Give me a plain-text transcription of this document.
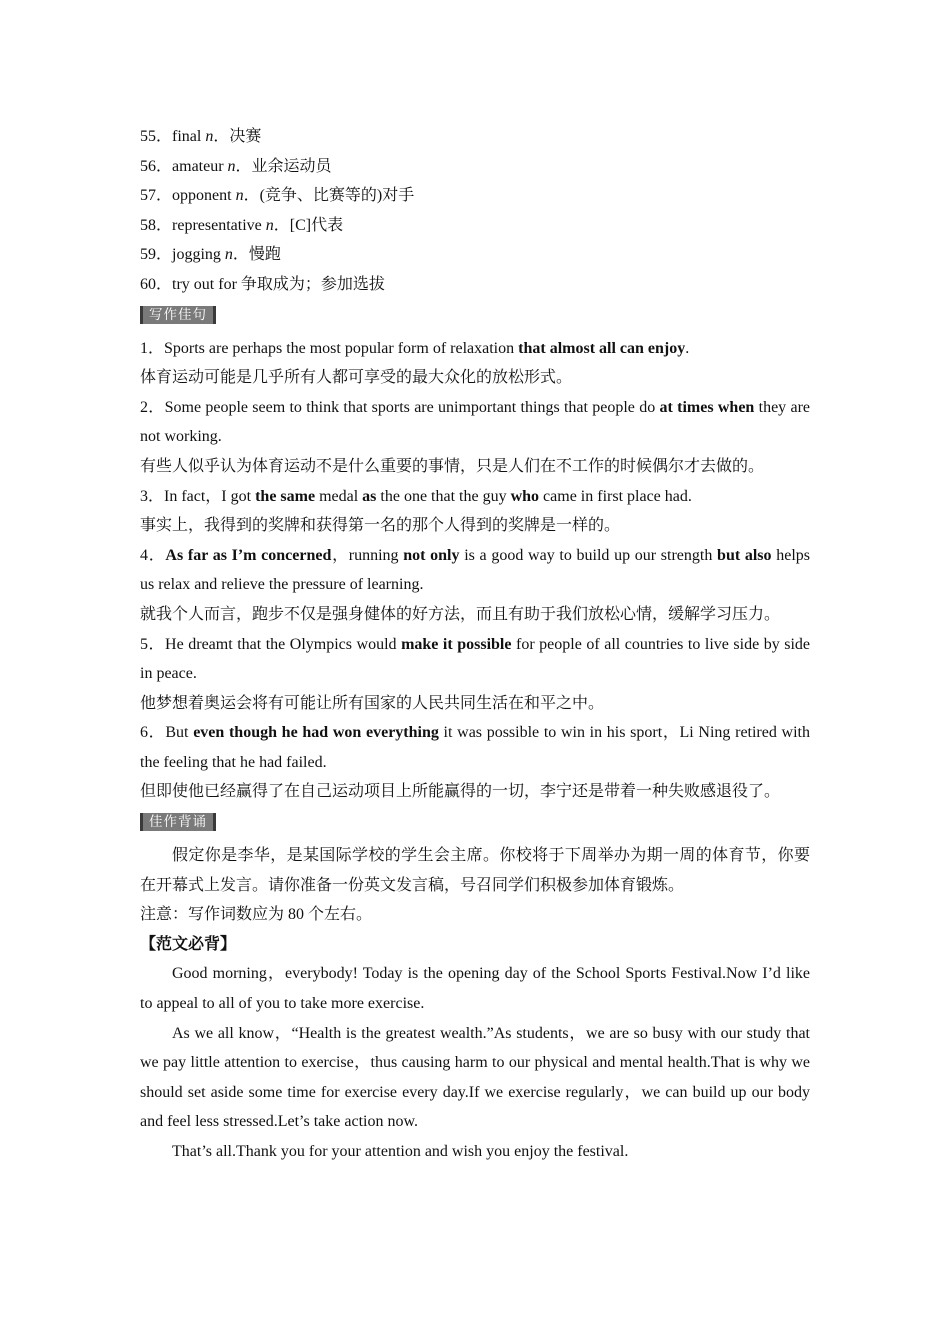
55．final n．决赛
56．amateur n．业余运动员
57．opponent n．(竞争、比赛等的)对手
58．representative n．[C]代表
59．jogging n．慢跑
60．try out for 争取成为；参加选拔
写作佳句
1．Sports are perhaps the most popular form of relaxation that almost all can enjoy.
体育运动可能是几乎所有人都可享受的最大众化的放松形式。
2．Some people seem to think that sports are unimportant things that people do at times when they are not working.
有些人似乎认为体育运动不是什么重要的事情，只是人们在不工作的时候偶尔才去做的。
3．In fact，I got the same medal as the one that the guy who came in first place had.
事实上，我得到的奖牌和获得第一名的那个人得到的奖牌是一样的。
4．As far as I’m concerned，running not only is a good way to build up our strength but also helps us relax and relieve the pressure of learning.
就我个人而言，跑步不仅是强身健体的好方法，而且有助于我们放松心情，缓解学习压力。
5．He dreamt that the Olympics would make it possible for people of all countries to live side by side in peace.
他梦想着奥运会将有可能让所有国家的人民共同生活在和平之中。
6．But even though he had won everything it was possible to win in his sport，Li Ning retired with the feeling that he had failed.
但即使他已经赢得了在自己运动项目上所能赢得的一切，李宁还是带着一种失败感退役了。
佳作背诵
假定你是李华，是某国际学校的学生会主席。你校将于下周举办为期一周的体育节，你要在开幕式上发言。请你准备一份英文发言稿，号召同学们积极参加体育锻炼。
注意：写作词数应为 80 个左右。
【范文必背】
Good morning，everybody! Today is the opening day of the School Sports Festival.Now I’d like to appeal to all of you to take more exercise.
As we all know，“Health is the greatest wealth.”As students，we are so busy with our study that we pay little attention to exercise，thus causing harm to our physical and mental health.That is why we should set aside some time for exercise every day.If we exercise regularly，we can build up our body and feel less stressed.Let’s take action now.
That’s all.Thank you for your attention and wish you enjoy the festival.
